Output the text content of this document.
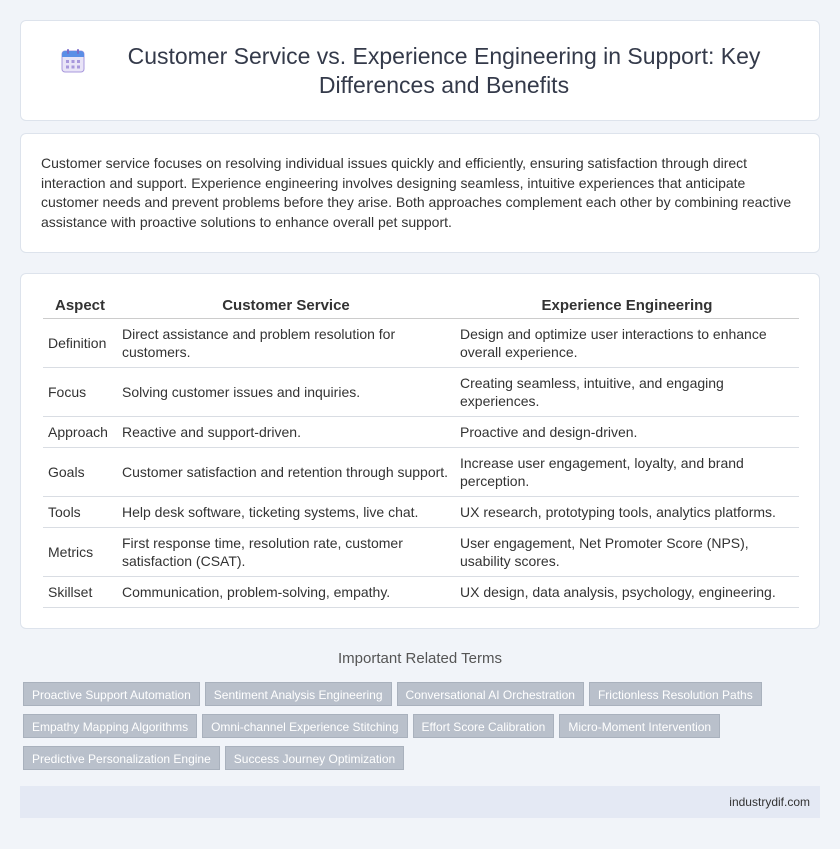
Customer Service vs. Experience Engineering in Support: Key Differences and Benefits

Customer service focuses on resolving individual issues quickly and efficiently, ensuring satisfaction through direct interaction and support. Experience engineering involves designing seamless, intuitive experiences that anticipate customer needs and prevent problems before they arise. Both approaches complement each other by combining reactive assistance with proactive solutions to enhance overall pet support.

Aspect	Customer Service	Experience Engineering
Definition	Direct assistance and problem resolution for customers.	Design and optimize user interactions to enhance overall experience.
Focus	Solving customer issues and inquiries.	Creating seamless, intuitive, and engaging experiences.
Approach	Reactive and support-driven.	Proactive and design-driven.
Goals	Customer satisfaction and retention through support.	Increase user engagement, loyalty, and brand perception.
Tools	Help desk software, ticketing systems, live chat.	UX research, prototyping tools, analytics platforms.
Metrics	First response time, resolution rate, customer satisfaction (CSAT).	User engagement, Net Promoter Score (NPS), usability scores.
Skillset	Communication, problem-solving, empathy.	UX design, data analysis, psychology, engineering.
Important Related Terms
Proactive Support Automation	Sentiment Analysis Engineering	Conversational AI Orchestration	Frictionless Resolution Paths
Empathy Mapping Algorithms	Omni-channel Experience Stitching	Effort Score Calibration	Micro-Moment Intervention
Predictive Personalization Engine	Success Journey Optimization
industrydif.com
